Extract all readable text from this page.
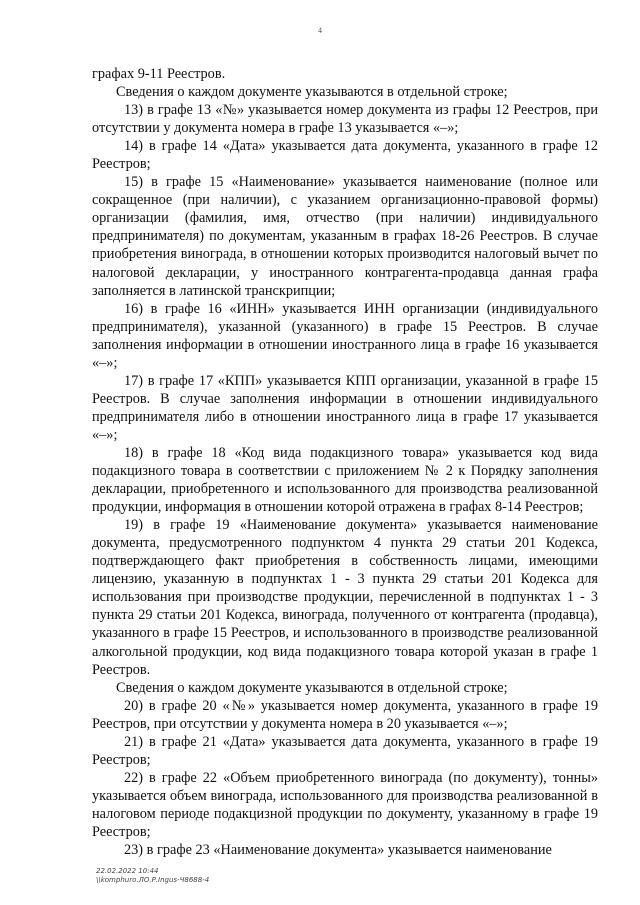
4

графах 9-11 Реестров.

Сведения о каждом документе указываются в отдельной строке;

13) в графе 13 «№» указывается номер документа из графы 12 Реестров, при отсутствии у документа номера в графе 13 указывается «–»;

14) в графе 14 «Дата» указывается дата документа, указанного в графе 12 Реестров;

15) в графе 15 «Наименование» указывается наименование (полное или сокращенное (при наличии), с указанием организационно-правовой формы) организации (фамилия, имя, отчество (при наличии) индивидуального предпринимателя) по документам, указанным в графах 18-26 Реестров. В случае приобретения винограда, в отношении которых производится налоговый вычет по налоговой декларации, у иностранного контрагента-продавца данная графа заполняется в латинской транскрипции;

16) в графе 16 «ИНН» указывается ИНН организации (индивидуального предпринимателя), указанной (указанного) в графе 15 Реестров. В случае заполнения информации в отношении иностранного лица в графе 16 указывается «–»;

17) в графе 17 «КПП» указывается КПП организации, указанной в графе 15 Реестров. В случае заполнения информации в отношении индивидуального предпринимателя либо в отношении иностранного лица в графе 17 указывается «–»;

18) в графе 18 «Код вида подакцизного товара» указывается код вида подакцизного товара в соответствии с приложением № 2 к Порядку заполнения декларации, приобретенного и использованного для производства реализованной продукции, информация в отношении которой отражена в графах 8-14 Реестров;

19) в графе 19 «Наименование документа» указывается наименование документа, предусмотренного подпунктом 4 пункта 29 статьи 201 Кодекса, подтверждающего факт приобретения в собственность лицами, имеющими лицензию, указанную в подпунктах 1 - 3 пункта 29 статьи 201 Кодекса для использования при производстве продукции, перечисленной в подпунктах 1 - 3 пункта 29 статьи 201 Кодекса, винограда, полученного от контрагента (продавца), указанного в графе 15 Реестров, и использованного в производстве реализованной алкогольной продукции, код вида подакцизного товара которой указан в графе 1 Реестров.

Сведения о каждом документе указываются в отдельной строке;

20) в графе 20 «№» указывается номер документа, указанного в графе 19 Реестров, при отсутствии у документа номера в 20 указывается «–»;

21) в графе 21 «Дата» указывается дата документа, указанного в графе 19 Реестров;

22) в графе 22 «Объем приобретенного винограда (по документу), тонны» указывается объем винограда, использованного для производства реализованной в налоговом периоде подакцизной продукции по документу, указанному в графе 19 Реестров;

23) в графе 23 «Наименование документа» указывается наименование

22.02.2022 10:44
\\komphuro.ЛО.Р.Ingus-Ч8688-4
